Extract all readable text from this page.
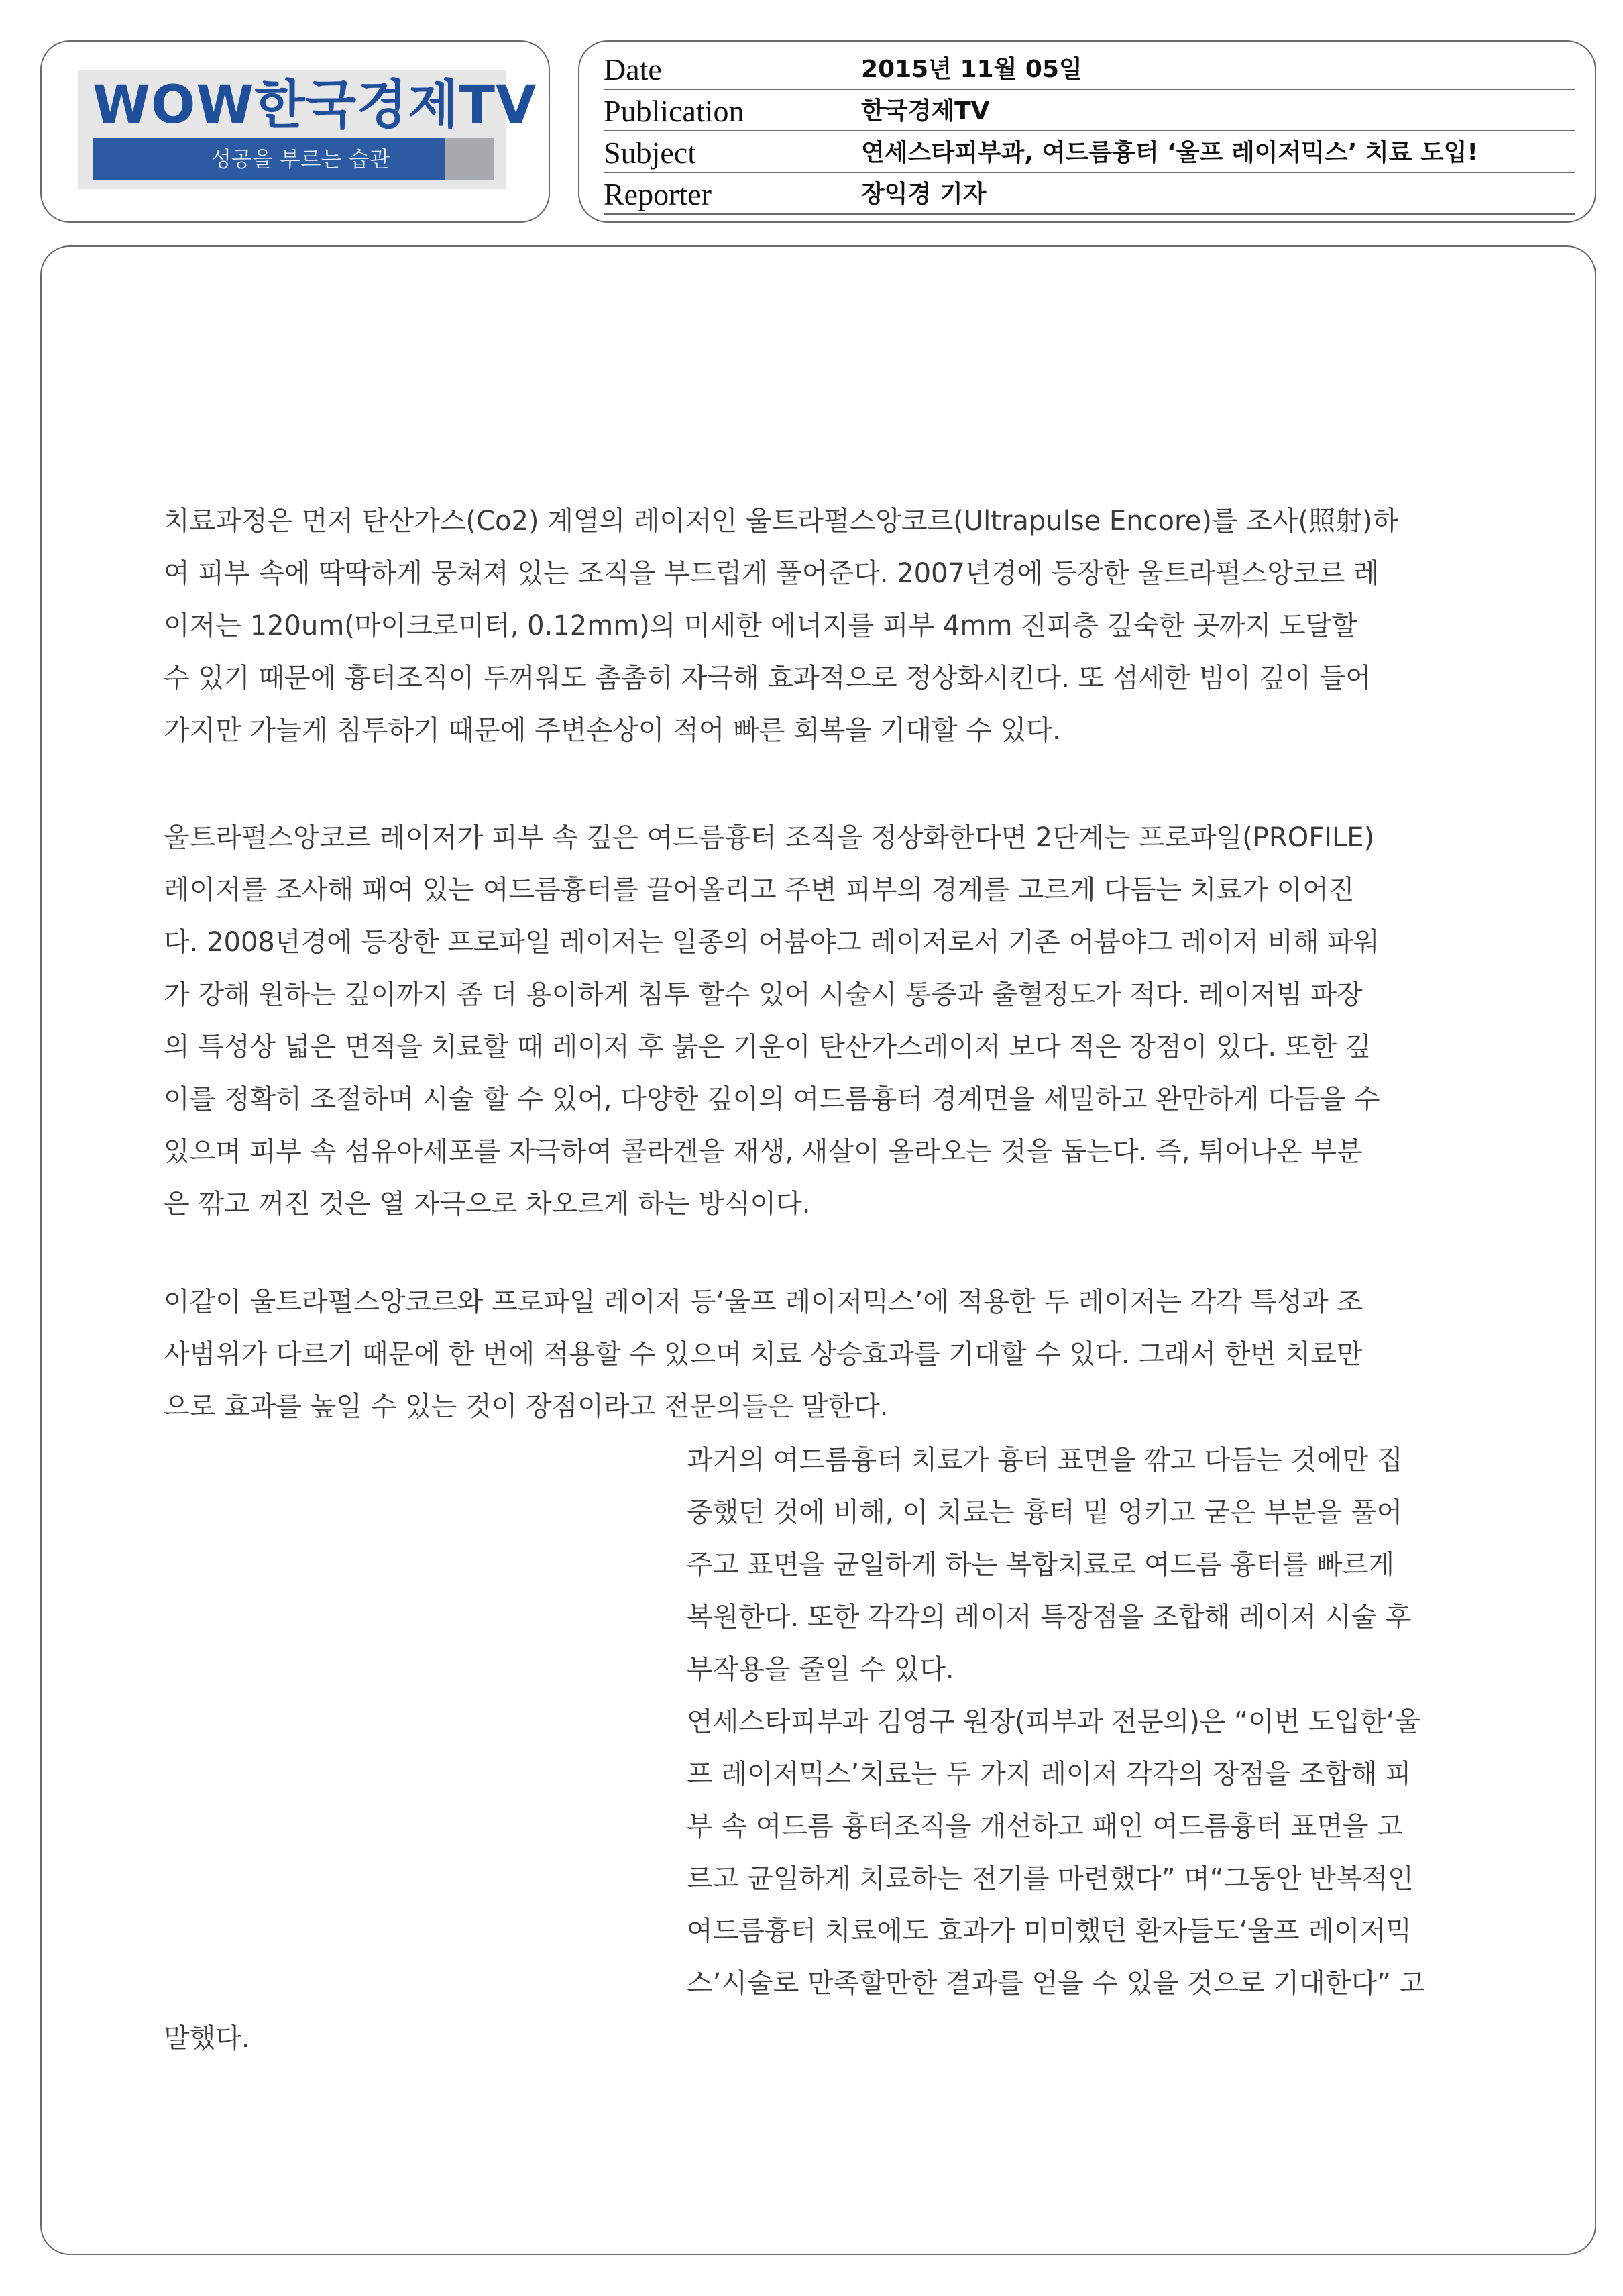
WOW한국경제TV
성공을 부르는 습관
Date	2015년 11월 05일
Publication	한국경제TV
Subject	연세스타피부과, 여드름흉터 ‘울프 레이저믹스’ 치료 도입!
Reporter	장익경 기자

치료과정은 먼저 탄산가스(Co2) 계열의 레이저인 울트라펄스앙코르(Ultrapulse Encore)를 조사(照射)하
여 피부 속에 딱딱하게 뭉쳐져 있는 조직을 부드럽게 풀어준다. 2007년경에 등장한 울트라펄스앙코르 레
이저는 120um(마이크로미터, 0.12mm)의 미세한 에너지를 피부 4mm 진피층 깊숙한 곳까지 도달할
수 있기 때문에 흉터조직이 두꺼워도 촘촘히 자극해 효과적으로 정상화시킨다. 또 섬세한 빔이 깊이 들어
가지만 가늘게 침투하기 때문에 주변손상이 적어 빠른 회복을 기대할 수 있다.

울트라펄스앙코르 레이저가 피부 속 깊은 여드름흉터 조직을 정상화한다면 2단계는 프로파일(PROFILE)
레이저를 조사해 패여 있는 여드름흉터를 끌어올리고 주변 피부의 경계를 고르게 다듬는 치료가 이어진
다. 2008년경에 등장한 프로파일 레이저는 일종의 어븀야그 레이저로서 기존 어븀야그 레이저 비해 파워
가 강해 원하는 깊이까지 좀 더 용이하게 침투 할수 있어 시술시 통증과 출혈정도가 적다. 레이저빔 파장
의 특성상 넓은 면적을 치료할 때 레이저 후 붉은 기운이 탄산가스레이저 보다 적은 장점이 있다. 또한 깊
이를 정확히 조절하며 시술 할 수 있어, 다양한 깊이의 여드름흉터 경계면을 세밀하고 완만하게 다듬을 수
있으며 피부 속 섬유아세포를 자극하여 콜라겐을 재생, 새살이 올라오는 것을 돕는다. 즉, 튀어나온 부분
은 깎고 꺼진 것은 열 자극으로 차오르게 하는 방식이다.

이같이 울트라펄스앙코르와 프로파일 레이저 등‘울프 레이저믹스’에 적용한 두 레이저는 각각 특성과 조
사범위가 다르기 때문에 한 번에 적용할 수 있으며 치료 상승효과를 기대할 수 있다. 그래서 한번 치료만
으로 효과를 높일 수 있는 것이 장점이라고 전문의들은 말한다.

과거의 여드름흉터 치료가 흉터 표면을 깎고 다듬는 것에만 집
중했던 것에 비해, 이 치료는 흉터 밑 엉키고 굳은 부분을 풀어
주고 표면을 균일하게 하는 복합치료로 여드름 흉터를 빠르게
복원한다. 또한 각각의 레이저 특장점을 조합해 레이저 시술 후
부작용을 줄일 수 있다.

연세스타피부과 김영구 원장(피부과 전문의)은 “이번 도입한‘울
프 레이저믹스’치료는 두 가지 레이저 각각의 장점을 조합해 피
부 속 여드름 흉터조직을 개선하고 패인 여드름흉터 표면을 고
르고 균일하게 치료하는 전기를 마련했다” 며“그동안 반복적인
여드름흉터 치료에도 효과가 미미했던 환자들도‘울프 레이저믹
스’시술로 만족할만한 결과를 얻을 수 있을 것으로 기대한다” 고

말했다.
